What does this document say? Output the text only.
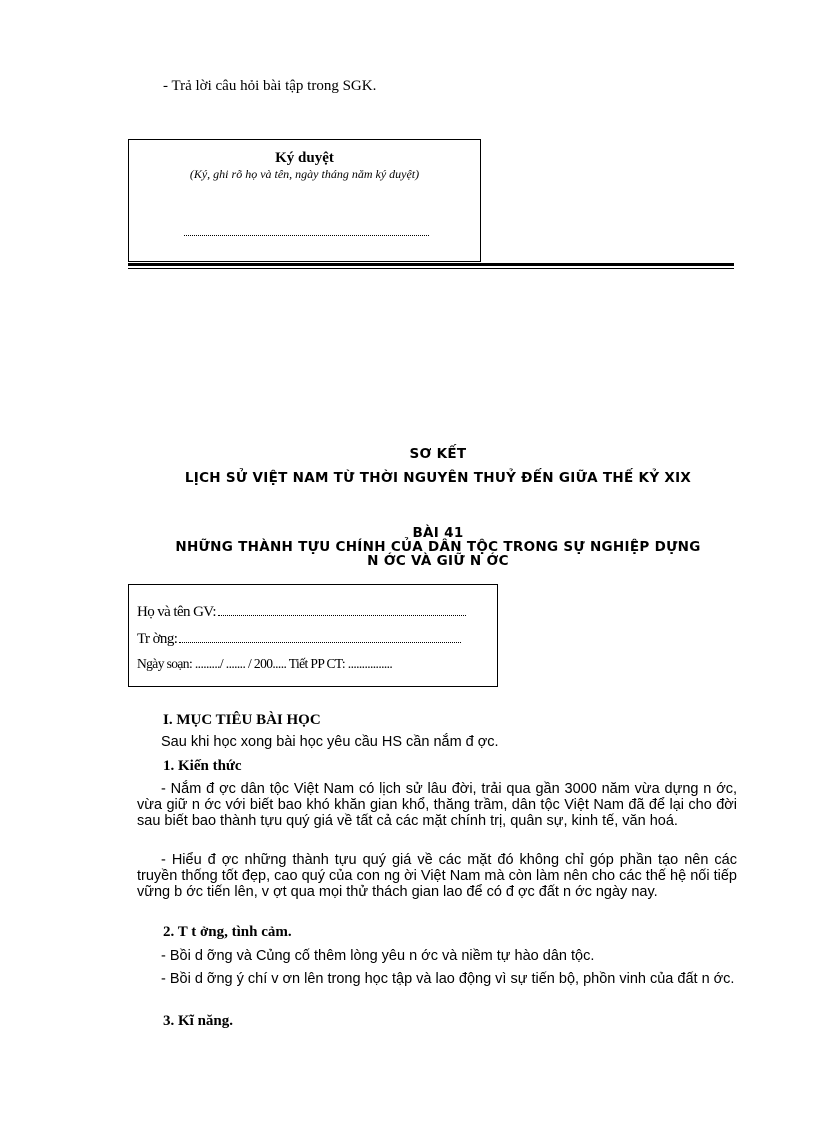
- Trả lời câu hỏi bài tập trong SGK.
Ký duyệt
(Ký, ghi rõ họ và tên, ngày tháng năm ký duyệt)
SƠ KẾT
LỊCH SỬ VIỆT NAM TỪ THỜI NGUYÊN THUỶ ĐẾN GIỮA THẾ KỶ XIX
BÀI 41
NHỮNG THÀNH TỰU CHÍNH CỦA DÂN TỘC TRONG SỰ NGHIỆP DỰNG
N ỚC VÀ GIỮ N ỚC
Họ và tên GV:
Tr ờng:
Ngày soạn: ........./ ....... / 200..... Tiết PP CT: ................
I. MỤC TIÊU BÀI HỌC
Sau khi học xong bài học yêu cầu HS cần nắm đ ợc.
1. Kiến thức
- Nắm đ ợc dân tộc Việt Nam có lịch sử lâu đời, trải qua gần 3000 năm vừa dựng n ớc, vừa giữ n ớc với biết bao khó khăn gian khổ, thăng trầm, dân tộc Việt Nam đã để lại cho đời sau biết bao thành tựu quý giá về tất cả các mặt chính trị, quân sự, kinh tế, văn hoá.
- Hiểu đ ợc những thành tựu quý giá về các mặt đó không chỉ góp phần tạo nên các truyền thống tốt đẹp, cao quý của con ng ời Việt Nam mà còn làm nên cho các thế hệ nối tiếp vững b ớc tiến lên, v ợt qua mọi thử thách gian lao để có đ ợc đất n ớc ngày nay.
2. T t ởng, tình cảm.
- Bồi d ỡng và Củng cố thêm lòng yêu n ớc và niềm tự hào dân tộc.
- Bồi d ỡng ý chí v ơn lên trong học tập và lao động vì sự tiến bộ, phồn vinh của đất n ớc.
3. Kĩ năng.
